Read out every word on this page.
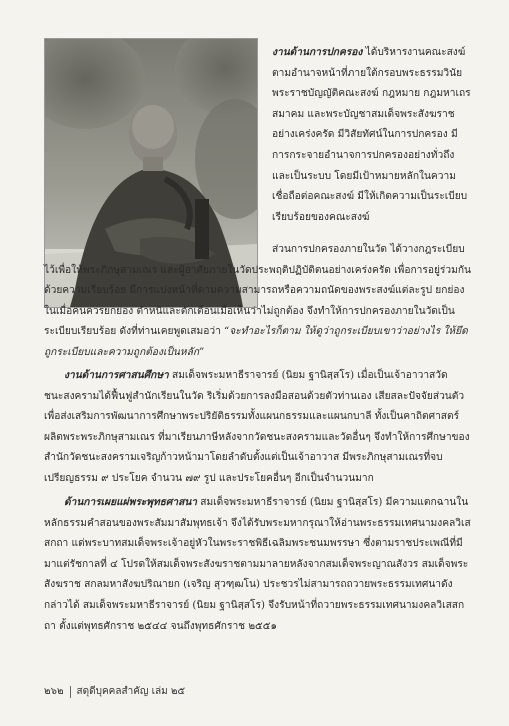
งานด้านการปกครอง ได้บริหารงานคณะสงฆ์ตามอำนาจหน้าที่ภายใต้กรอบพระธรรมวินัย พระราชบัญญัติคณะสงฆ์ กฎหมาย กฎมหาเถรสมาคม และพระบัญชาสมเด็จพระสังฆราชอย่างเคร่งครัด มีวิสัยทัศน์ในการปกครอง มีการกระจายอำนาจการปกครองอย่างทั่วถึงและเป็นระบบ โดยมีเป้าหมายหลักในความเชื่อถือต่อคณะสงฆ์ มีให้เกิดความเป็นระเบียบเรียบร้อยของคณะสงฆ์

ส่วนการปกครองภายในวัด ได้วางกฎระเบียบไว้เพื่อให้พระภิกษุสามเณร และผู้อาศัยภายในวัดประพฤติปฏิบัติตนอย่างเคร่งครัด เพื่อการอยู่ร่วมกันด้วยความเรียบร้อย มีการแบ่งหน้าที่ตามความสามารถหรือความถนัดของพระสงฆ์แต่ละรูป ยกย่องในเมื่อคนควรยกย่อง ตำหนิและตักเตือนเมื่อเห็นว่าไม่ถูกต้อง จึงทำให้การปกครองภายในวัดเป็นระเบียบเรียบร้อย ดังที่ท่านเคยพูดเสมอว่า “จะทำอะไรก็ตาม ให้ดูว่าถูกระเบียบเขาว่าอย่างไร ให้ยึดถูกระเบียบและความถูกต้องเป็นหลัก”

งานด้านการศาสนศึกษา สมเด็จพระมหาธีราจารย์ (นิยม ฐานิสฺสโร) เมื่อเป็นเจ้าอาวาสวัดชนะสงครามได้ฟื้นฟูสำนักเรียนในวัด ริเริ่มด้วยการลงมือสอนด้วยตัวท่านเอง เสียสละปัจจัยส่วนตัวเพื่อส่งเสริมการพัฒนาการศึกษาพระปริยัติธรรมทั้งแผนกธรรมและแผนกบาลี ทั้งเป็นคาถิตศาสตร์ผลิตพระพระภิกษุสามเณร ที่มาเรียนภาษีหลังจากวัดชนะสงครามและวัดอื่นๆ จึงทำให้การศึกษาของสำนักวัดชนะสงครามเจริญก้าวหน้ามาโดยลำดับตั้งแต่เป็นเจ้าอาวาส มีพระภิกษุสามเณรที่จบเปรียญธรรม ๙ ประโยค จำนวน ๗๙ รูป และประโยคอื่นๆ อีกเป็นจำนวนมาก

ด้านการเผยแผ่พระพุทธศาสนา สมเด็จพระมหาธีราจารย์ (นิยม ฐานิสฺสโร) มีความแตกฉานในหลักธรรมคำสอนของพระสัมมาสัมพุทธเจ้า จึงได้รับพระมหากรุณาให้อ่านพระธรรมเทศนามงคลวิเสสกถา แด่พระบาทสมเด็จพระเจ้าอยู่หัวในพระราชพิธีเฉลิมพระชนมพรรษา ซึ่งตามราชประเพณีที่มีมาแต่รัชกาลที่ ๔ โปรดให้สมเด็จพระสังฆราชตามมาลายหลังจากสมเด็จพระญาณสังวร สมเด็จพระสังฆราช สกลมหาสังฆปริณายก (เจริญ สุวฑฺฒโน) ประชวรไม่สามารถถวายพระธรรมเทศนาดังกล่าวได้ สมเด็จพระมหาธีราจารย์ (นิยม ฐานิสฺสโร) จึงรับหน้าที่ถวายพระธรรมเทศนามงคลวิเสสกถา ตั้งแต่พุทธศักราช ๒๕๔๔ จนถึงพุทธศักราช ๒๕๕๑

๒๖๒ สดุดีบุคคลสำคัญ เล่ม ๒๕
